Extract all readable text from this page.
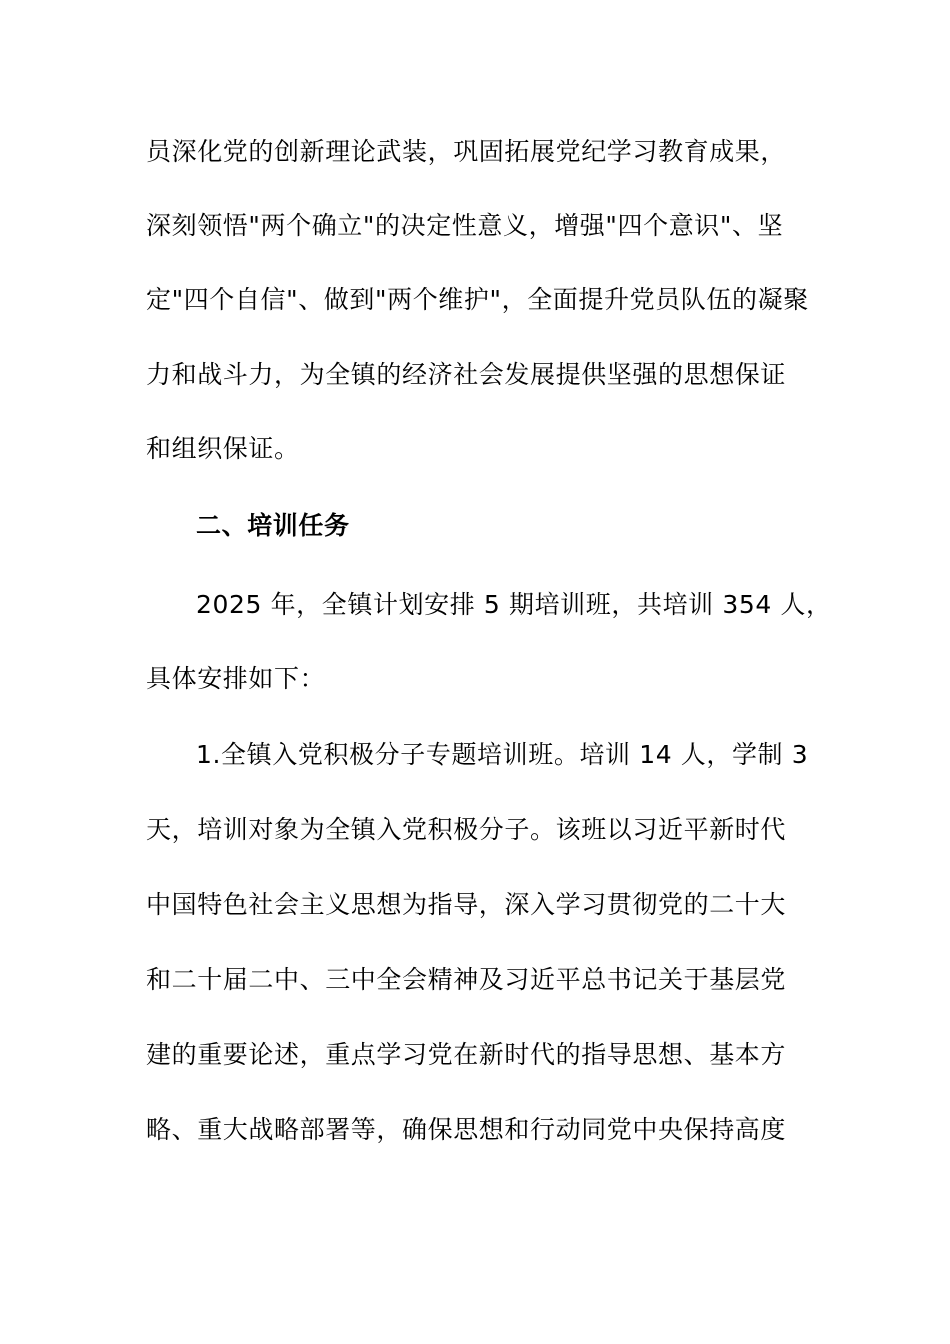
员深化党的创新理论武装，巩固拓展党纪学习教育成果，
深刻领悟"两个确立"的决定性意义，增强"四个意识"、坚
定"四个自信"、做到"两个维护"，全面提升党员队伍的凝聚
力和战斗力，为全镇的经济社会发展提供坚强的思想保证
和组织保证。
二、培训任务
2025 年，全镇计划安排 5 期培训班，共培训 354 人，
具体安排如下：
1.全镇入党积极分子专题培训班。培训 14 人，学制 3
天，培训对象为全镇入党积极分子。该班以习近平新时代
中国特色社会主义思想为指导，深入学习贯彻党的二十大
和二十届二中、三中全会精神及习近平总书记关于基层党
建的重要论述，重点学习党在新时代的指导思想、基本方
略、重大战略部署等，确保思想和行动同党中央保持高度
